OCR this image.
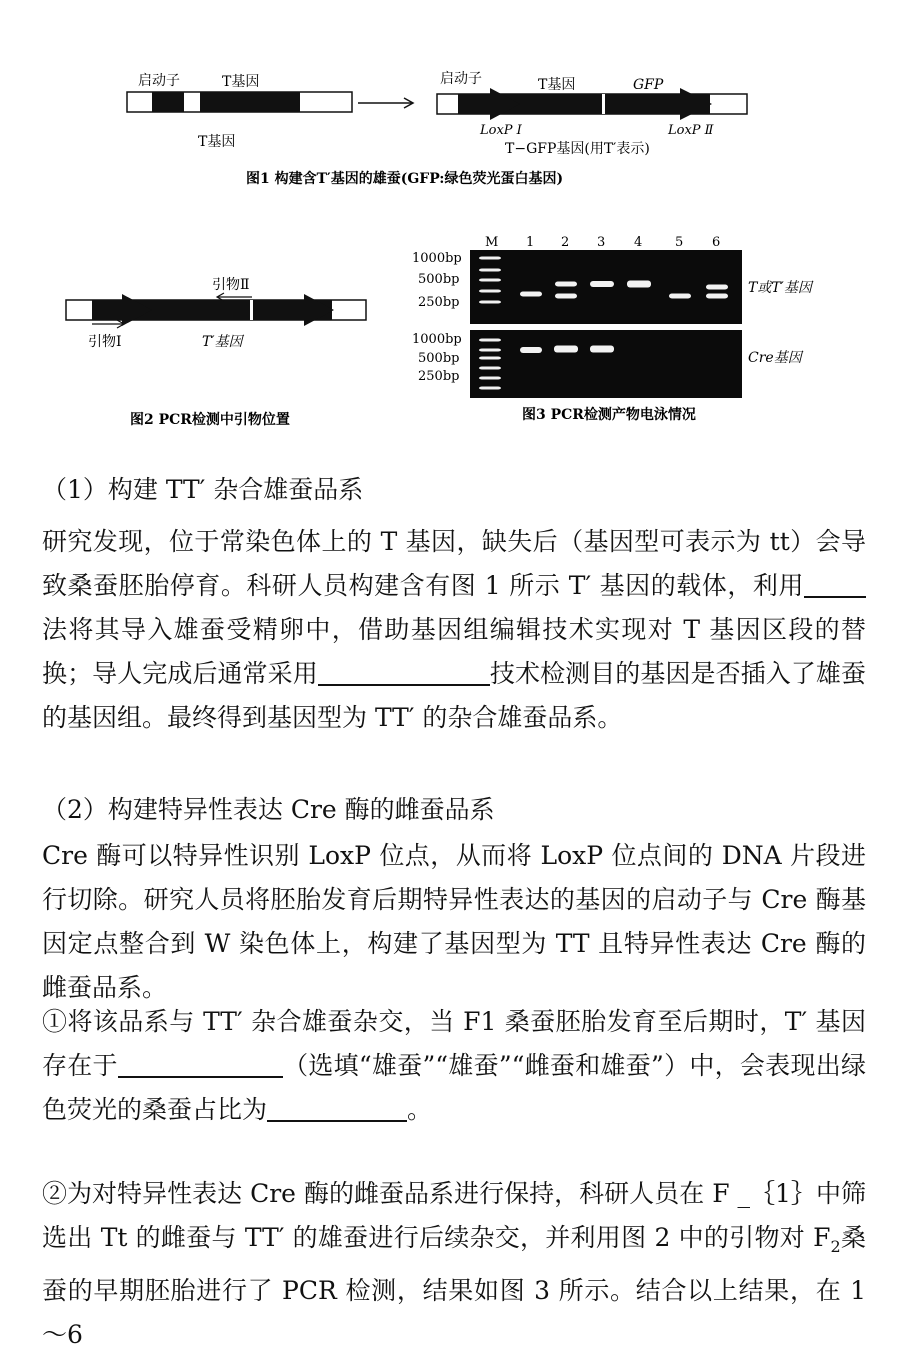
启动子	T基因
T基因
启动子	T基因	GFP
LoxP Ⅰ	LoxP Ⅱ
T−GFP基因(用T′表示)
图1 构建含T′基因的雄蚕(GFP:绿色荧光蛋白基因)
引物Ⅱ
引物Ⅰ	T′基因
图2 PCR检测中引物位置
M 1 2 3 4	5 6
1000bp
500bp
250bp
1000bp
500bp
250bp
T或T′基因
Cre基因
图3 PCR检测产物电泳情况
（1）构建 TT′ 杂合雄蚕品系
研究发现，位于常染色体上的 T 基因，缺失后（基因型可表示为 tt）会导致桑蚕胚胎停育。科研人员构建含有图 1 所示 T′ 基因的载体，利用法将其导入雄蚕受精卵中，借助基因组编辑技术实现对 T 基因区段的替换；导人完成后通常采用	技术检测目的基因是否插入了雄蚕的基因组。最终得到基因型为 TT′ 的杂合雄蚕品系。
（2）构建特异性表达 Cre 酶的雌蚕品系
Cre 酶可以特异性识别 LoxP 位点，从而将 LoxP 位点间的 DNA 片段进行切除。研究人员将胚胎发育后期特异性表达的基因的启动子与 Cre 酶基因定点整合到 W 染色体上，构建了基因型为 TT 且特异性表达 Cre 酶的雌蚕品系。
①将该品系与 TT′ 杂合雄蚕杂交，当 F1 桑蚕胚胎发育至后期时，T′ 基因存在于	（选填“雄蚕”“雄蚕”“雌蚕和雄蚕”）中，会表现出绿色荧光的桑蚕占比为	。
②为对特异性表达 Cre 酶的雌蚕品系进行保持，科研人员在 F _｛1｝中筛选出 Tt 的雌蚕与 TT′ 的雄蚕进行后续杂交，并利用图 2 中的引物对 $F_2$桑蚕的早期胚胎进行了 PCR 检测，结果如图 3 所示。结合以上结果，在 1～6
